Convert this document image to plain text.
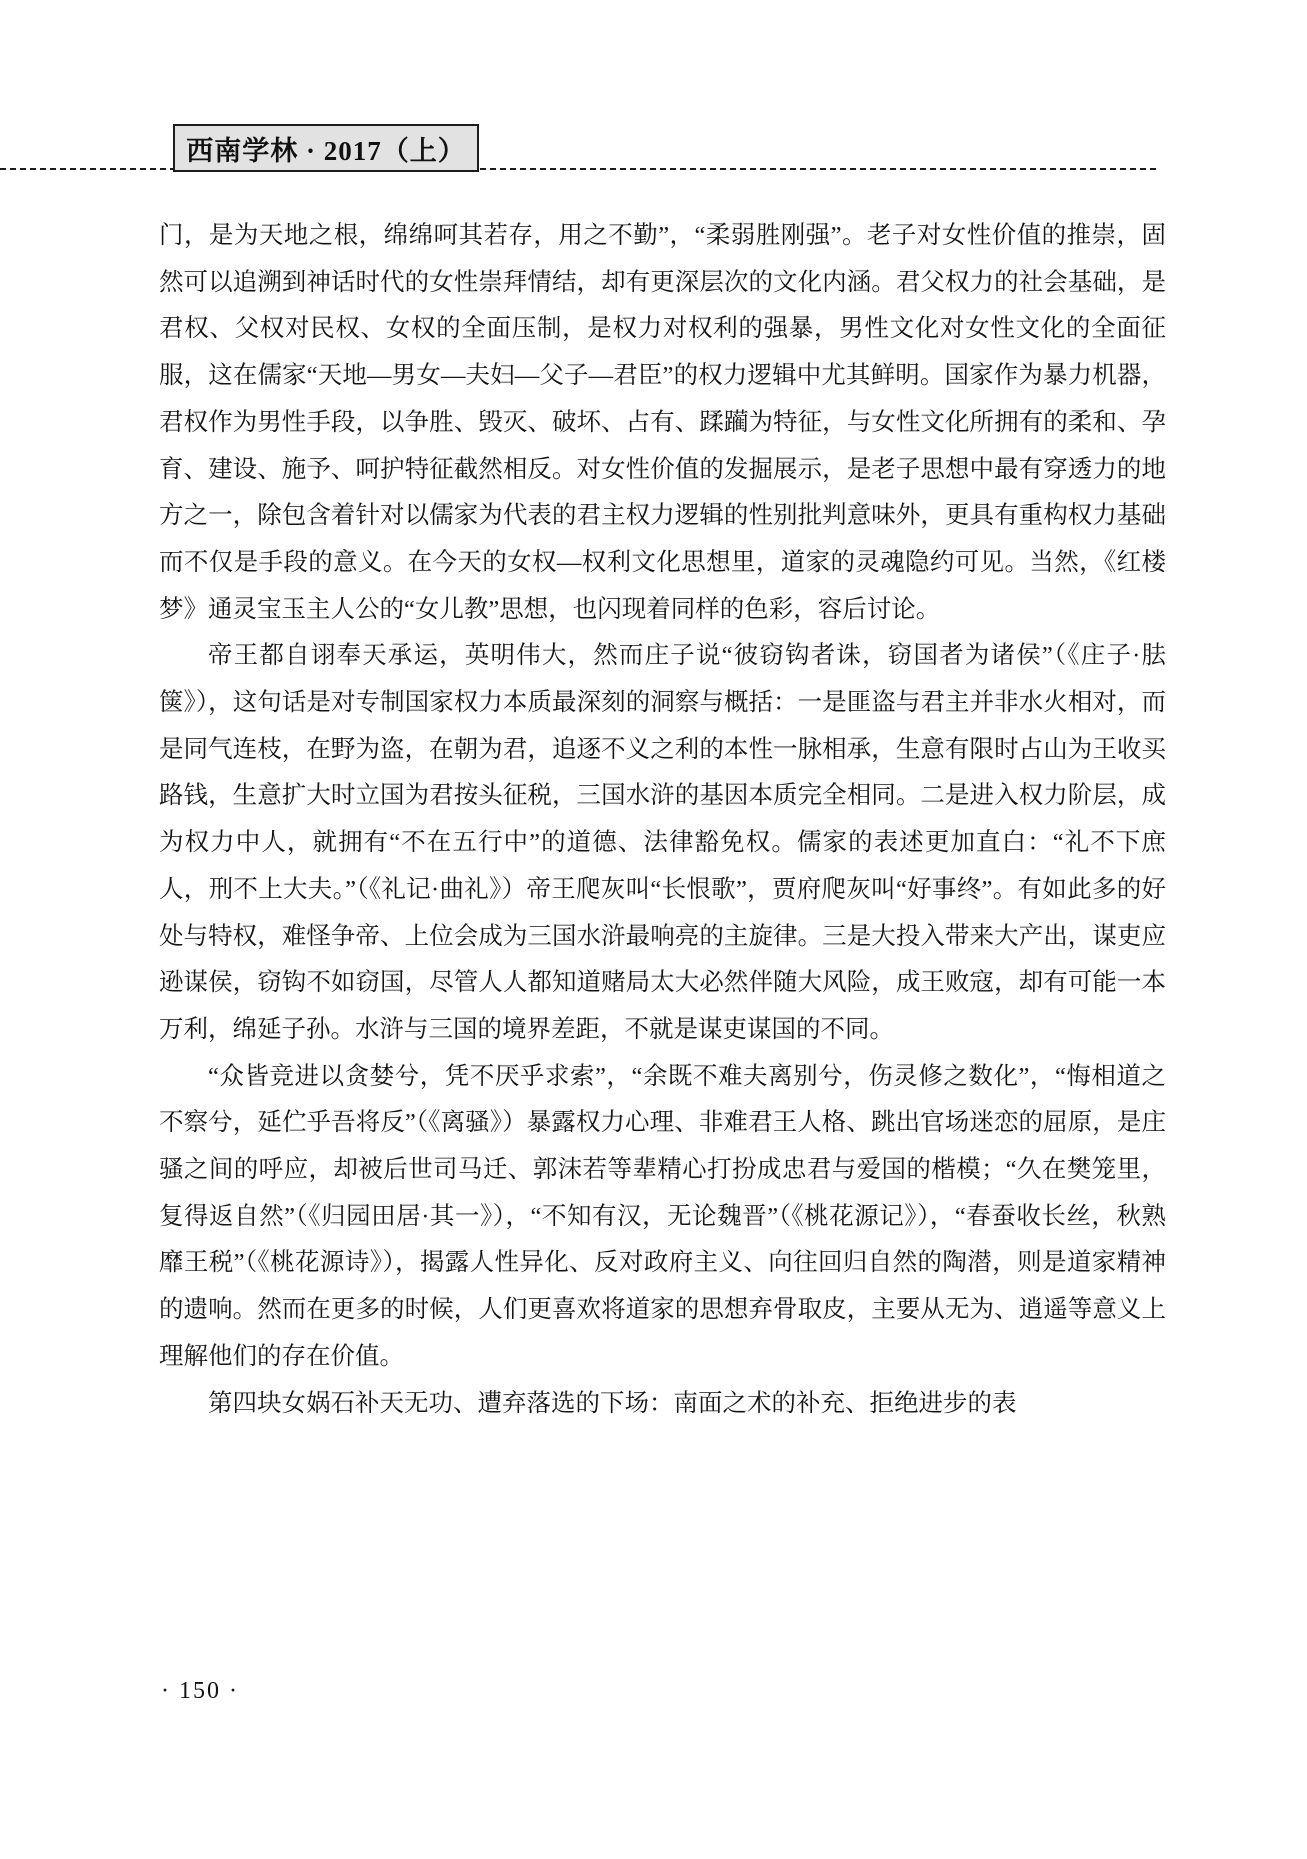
西南学林 · 2017（上）

门，是为天地之根，绵绵呵其若存，用之不勤”，“柔弱胜刚强”。老子对女性价值的推崇，固然可以追溯到神话时代的女性崇拜情结，却有更深层次的文化内涵。君父权力的社会基础，是君权、父权对民权、女权的全面压制，是权力对权利的强暴，男性文化对女性文化的全面征服，这在儒家“天地—男女—夫妇—父子—君臣”的权力逻辑中尤其鲜明。国家作为暴力机器，君权作为男性手段，以争胜、毁灭、破坏、占有、蹂躏为特征，与女性文化所拥有的柔和、孕育、建设、施予、呵护特征截然相反。对女性价值的发掘展示，是老子思想中最有穿透力的地方之一，除包含着针对以儒家为代表的君主权力逻辑的性别批判意味外，更具有重构权力基础而不仅是手段的意义。在今天的女权—权利文化思想里，道家的灵魂隐约可见。当然，《红楼梦》通灵宝玉主人公的“女儿教”思想，也闪现着同样的色彩，容后讨论。

帝王都自诩奉天承运，英明伟大，然而庄子说“彼窃钩者诛，窃国者为诸侯”（《庄子·胠箧》），这句话是对专制国家权力本质最深刻的洞察与概括：一是匪盗与君主并非水火相对，而是同气连枝，在野为盗，在朝为君，追逐不义之利的本性一脉相承，生意有限时占山为王收买路钱，生意扩大时立国为君按头征税，三国水浒的基因本质完全相同。二是进入权力阶层，成为权力中人，就拥有“不在五行中”的道德、法律豁免权。儒家的表述更加直白：“礼不下庶人，刑不上大夫。”（《礼记·曲礼》）帝王爬灰叫“长恨歌”，贾府爬灰叫“好事终”。有如此多的好处与特权，难怪争帝、上位会成为三国水浒最响亮的主旋律。三是大投入带来大产出，谋吏应逊谋侯，窃钩不如窃国，尽管人人都知道赌局太大必然伴随大风险，成王败寇，却有可能一本万利，绵延子孙。水浒与三国的境界差距，不就是谋吏谋国的不同。

“众皆竞进以贪婪兮，凭不厌乎求索”，“余既不难夫离别兮，伤灵修之数化”，“悔相道之不察兮，延伫乎吾将反”（《离骚》）暴露权力心理、非难君王人格、跳出官场迷恋的屈原，是庄骚之间的呼应，却被后世司马迁、郭沫若等辈精心打扮成忠君与爱国的楷模；“久在樊笼里，复得返自然”（《归园田居·其一》），“不知有汉，无论魏晋”（《桃花源记》），“春蚕收长丝，秋熟靡王税”（《桃花源诗》），揭露人性异化、反对政府主义、向往回归自然的陶潜，则是道家精神的遗响。然而在更多的时候，人们更喜欢将道家的思想弃骨取皮，主要从无为、逍遥等意义上理解他们的存在价值。

第四块女娲石补天无功、遭弃落选的下场：南面之术的补充、拒绝进步的表

· 150 ·
